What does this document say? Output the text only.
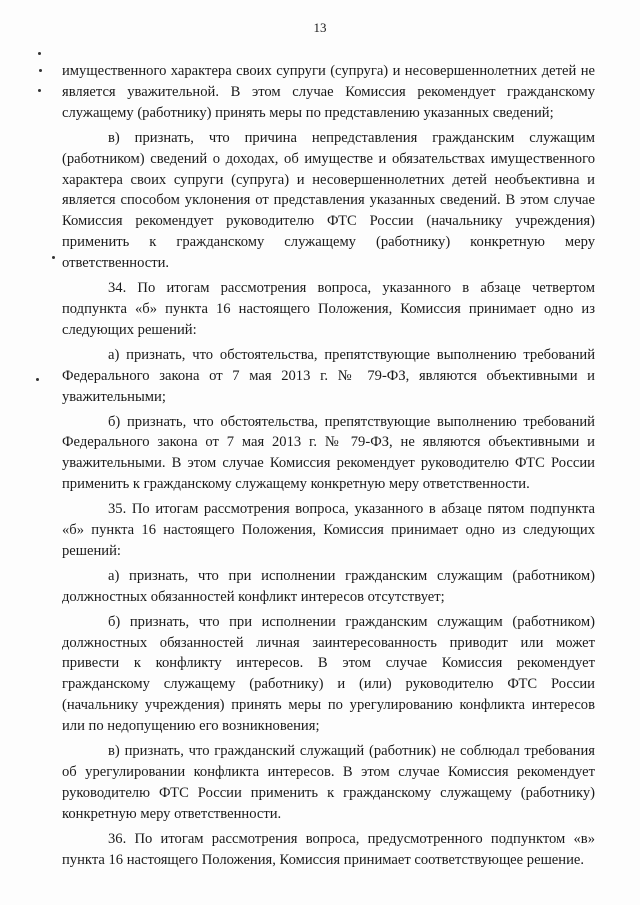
13

имущественного характера своих супруги (супруга) и несовершеннолетних детей не является уважительной. В этом случае Комиссия рекомендует гражданскому служащему (работнику) принять меры по представлению указанных сведений;

в) признать, что причина непредставления гражданским служащим (работником) сведений о доходах, об имуществе и обязательствах имущественного характера своих супруги (супруга) и несовершеннолетних детей необъективна и является способом уклонения от представления указанных сведений. В этом случае Комиссия рекомендует руководителю ФТС России (начальнику учреждения) применить к гражданскому служащему (работнику) конкретную меру ответственности.

34. По итогам рассмотрения вопроса, указанного в абзаце четвертом подпункта «б» пункта 16 настоящего Положения, Комиссия принимает одно из следующих решений:

а) признать, что обстоятельства, препятствующие выполнению требований Федерального закона от 7 мая 2013 г. № 79-ФЗ, являются объективными и уважительными;

б) признать, что обстоятельства, препятствующие выполнению требований Федерального закона от 7 мая 2013 г. № 79-ФЗ, не являются объективными и уважительными. В этом случае Комиссия рекомендует руководителю ФТС России применить к гражданскому служащему конкретную меру ответственности.

35. По итогам рассмотрения вопроса, указанного в абзаце пятом подпункта «б» пункта 16 настоящего Положения, Комиссия принимает одно из следующих решений:

а) признать, что при исполнении гражданским служащим (работником) должностных обязанностей конфликт интересов отсутствует;

б) признать, что при исполнении гражданским служащим (работником) должностных обязанностей личная заинтересованность приводит или может привести к конфликту интересов. В этом случае Комиссия рекомендует гражданскому служащему (работнику) и (или) руководителю ФТС России (начальнику учреждения) принять меры по урегулированию конфликта интересов или по недопущению его возникновения;

в) признать, что гражданский служащий (работник) не соблюдал требования об урегулировании конфликта интересов. В этом случае Комиссия рекомендует руководителю ФТС России применить к гражданскому служащему (работнику) конкретную меру ответственности.

36. По итогам рассмотрения вопроса, предусмотренного подпунктом «в» пункта 16 настоящего Положения, Комиссия принимает соответствующее решение.
